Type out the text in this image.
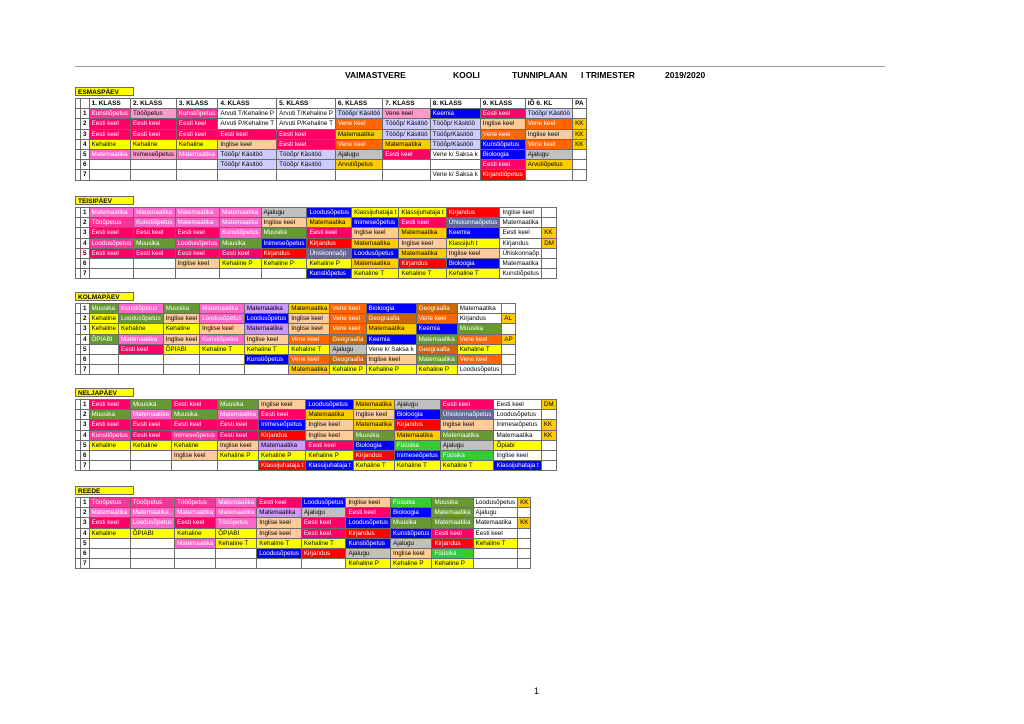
VAIMASTVERE	KOOLI	TUNNIPLAAN I TRIMESTER	2019/2020
ESMASPÄEV
		1. KLASS	2. KLASS	3. KLASS	4. KLASS	5. KLASS	6. KLASS	7. KLASS	8. KLASS	9. KLASS	IÕ 6. KL	PA
	1	Kunstiõpetus	Tööõpetus	Kunstiõpetus	Arvuti T/Kehaline P	Arvuti T/Kehaline P	Tööõp/ Käsitöö	Vene keel	Keemia	Eesti keel	Tööõp/ Käsitöö	
	2	Eesti keel	Eesti keel	Eesti keel	Arvuti P/Kehaline T	Arvuti P/Kehaline T	Vene keel	Tööõp/ Käsitöö	Tööõp/ Käsitöö	Inglise keel	Vene keel	KK
	3	Eesti keel	Eesti keel	Eesti keel	Eesti keel	Eesti keel	Matemaatika	Tööõp/ Käsitöö	Tööõp/Käsitöö	Vene keel	Inglise keel	KK
	4	Kehaline	Kehaline	Kehaline	Inglise keel	Eesti keel	Vene keel	Matemaatika	Tööõp/Käsitöö	Kunstiõpetus	Vene keel	KK
	5	Matemaatika	Inimeseõpetus	Matemaatika	Tööõp/ Käsitöö	Tööõp/ Käsitöö	Ajalugu	Eesti keel	Vene k/ Saksa k	Bioloogia	Ajalugu	
	6				Tööõp/ Käsitöö	Tööõp/ Käsitöö	Arvutiõpetus			Eesti keel	Arvutiõpetus	
	7								Vene k/ Saksa k	Kirjandiõpetus		
TEISIPÄEV
	1	Matemaatika	Matemaatika	Matemaatika	Matemaatika	Ajalugu	Loodusõpetus	Klassijuhataja t	Klassijuhataja t	Kirjandus	Inglise keel	
	2	Tööõpetus	Kunstiõpetus	Matemaatika	Matemaatika	Inglise keel	Matemaatika	Inimeseõpetus	Eesti keel	Ühiskonnaõpetus	Matemaatika	
	3	Eesti keel	Eesti keel	Eesti keel	Kunstiõpetus	Muusika	Eesti keel	Inglise keel	Matemaatika	Keemia	Eesti keel	KK
	4	Loodusõpetus	Muusika	Loodusõpetus	Muusika	Inimeseõpetus	Kirjandus	Matemaatika	Inglise keel	Klassijuh t	Kirjandus	DM
	5	Eesti keel	Eesti keel	Eesti keel	Eesti keel	Kirjandus	Ühiskonnaõp	Loodusõpetus	Matemaatika	Inglise keel	Ühiskonnaõp	
	6			Inglise keel	Kehaline P	Kehaline P	Kehaline P	Matemaatika	Kirjandus	Bioloogia	Matemaatika	
	7						Kunstiõpetus	Kehaline T	Kehaline T	Kehaline T	Kunstiõpetus	
KOLMAPÄEV
	1	Muusika	Kunstiõpetus	Muusika	Matemaatika	Matemaatika	Matemaatika	Vene keel	Bioloogia	Geograafia	Matemaatika	
	2	Kehaline	Loodusõpetus	Inglise keel	Loodusõpetus	Loodusõpetus	Inglise keel	Vene keel	Geograafia	Vene keel	Kirjandus	AL
	3	Kehaline	Kehaline	Kehaline	Inglise keel	Matemaatika	Inglise keel	Vene keel	Matemaatika	Keemia	Muusika	
	4	ÕPIABI	Matemaatika	Inglise keel	Kunstiõpetus	Inglise keel	Vene keel	Geograafia	Keemia	Matemaatika	Vene keel	AP
	5		Eesti keel	ÕPIABI	Kehaline T	Kehaline T	Kehaline T	Ajalugu	Vene k/ Saksa k	Geograafia	Kehaline T	
	6					Kunstiõpetus	Vene keel	Geograafia	Inglise keel	Matemaatika	Vene keel	
	7						Matemaatika	Kehaline P	Kehaline P	Kehaline P	Loodusõpetus	
NELJAPÄEV
	1	Eesti keel	Muusika	Eesti keel	Muusika	Inglise keel	Loodusõpetus	Matemaatika	Ajalugu	Eesti keel	Eesti keel	DM
	2	Muusika	Matemaatika	Muusika	Matemaatika	Eesti keel	Matemaatika	Inglise keel	Bioloogia	Ühiskonnaõpetus	Loodusõpetus	
	3	Eesti keel	Eesti keel	Eesti keel	Eesti keel	Inimeseõpetus	Inglise keel	Matemaatika	Kirjandus	Inglise keel	Inimeseõpetus	KK
	4	Kunstiõpetus	Eesti keel	Inimeseõpetus	Eesti keel	Kirjandus	Inglise keel	Muusika	Matemaatika	Matemaatika	Matemaatika	KK
	5	Kehaline	Kehaline	Kehaline	Inglise keel	Matemaatika	Eesti keel	Bioloogia	Füüsika	Ajalugu	Õpiabi	
	6			Inglise keel	Kehaline P	Kehaline P	Kehaline P	Kirjandus	Inimeseõpetus	Füüsika	Inglise keel	
	7					Klassijuhataja t	Klassijuhataja t	Kehaline T	Kehaline T	Kehaline T	Klassijuhataja t	
REEDE
	1	Tööõpetus	Tööõpetus	Tööõpetus	Matemaatika	Eesti keel	Loodusõpetus	Inglise keel	Füüsika	Muusika	Loodusõpetus	KK
	2	Matemaatika	Matemaatika	Matemaatika	Matemaatika	Matemaatika	Ajalugu	Eesti keel	Bioloogia	Matemaatika	Ajalugu	
	3	Eesti keel	Loodusõpetus	Eesti keel	Tööõpetus	Inglise keel	Eesti keel	Loodusõpetus	Muusika	Matemaatika	Matemaatika	KK
	4	Kehaline	ÕPIABI	Kehaline	ÕPIABI	Inglise keel	Eesti keel	Kirjandus	Kunstiõpetus	Eesti keel	Eesti keel	
	5			Matemaatika	Kehaline T	Kehaline T	Kehaline T	Kunstiõpetus	Ajalugu	Kirjandus	Kehaline T	
	6					Loodusõpetus	Kirjandus	Ajalugu	Inglise keel	Füüsika		
	7							Kehaline P	Kehaline P	Kehaline P		
1
